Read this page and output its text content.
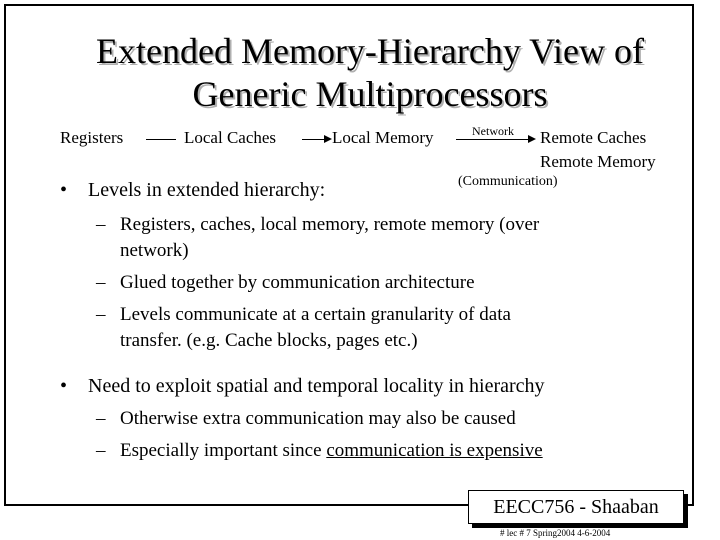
Extended Memory-Hierarchy View of
Generic Multiprocessors
Registers	Local Caches	Local Memory	Network Remote Caches
Remote Memory
(Communication)
• Levels in extended hierarchy:
– Registers, caches, local memory, remote memory (over
network)
– Glued together by communication architecture
– Levels communicate at a certain granularity of data
transfer. (e.g. Cache blocks, pages etc.)
• Need to exploit spatial and temporal locality in hierarchy
– Otherwise extra communication may also be caused
– Especially important since communication is expensive
EECC756 - Shaaban
# lec # 7 Spring2004 4-6-2004
